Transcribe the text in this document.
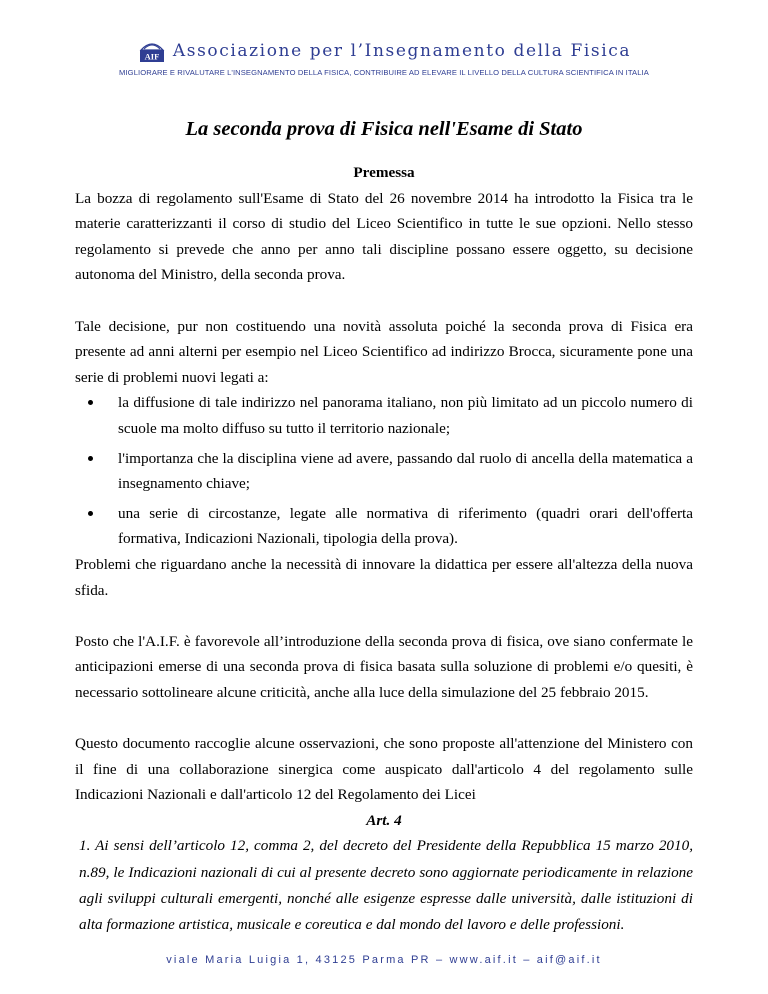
AIF Associazione per l’Insegnamento della Fisica
MIGLIORARE E RIVALUTARE L'INSEGNAMENTO DELLA FISICA, CONTRIBUIRE AD ELEVARE IL LIVELLO DELLA CULTURA SCIENTIFICA IN ITALIA
La seconda prova di Fisica nell'Esame di Stato

Premessa

La bozza di regolamento sull'Esame di Stato del 26 novembre 2014 ha introdotto la Fisica tra le materie caratterizzanti il corso di studio del Liceo Scientifico in tutte le sue opzioni. Nello stesso regolamento si prevede che anno per anno tali discipline possano essere oggetto, su decisione autonoma del Ministro, della seconda prova.

Tale decisione, pur non costituendo una novità assoluta poiché la seconda prova di Fisica era presente ad anni alterni per esempio nel Liceo Scientifico ad indirizzo Brocca, sicuramente pone una serie di problemi nuovi legati a:

la diffusione di tale indirizzo nel panorama italiano, non più limitato ad un piccolo numero di scuole ma molto diffuso su tutto il territorio nazionale;
l'importanza che la disciplina viene ad avere, passando dal ruolo di ancella della matematica a insegnamento chiave;
una serie di circostanze, legate alle normativa di riferimento (quadri orari dell'offerta formativa, Indicazioni Nazionali, tipologia della prova).

Problemi che riguardano anche la necessità di innovare la didattica per essere all'altezza della nuova sfida.

Posto che l'A.I.F. è favorevole all’introduzione della seconda prova di fisica, ove siano confermate le anticipazioni emerse di una seconda prova di fisica basata sulla soluzione di problemi e/o quesiti, è necessario sottolineare alcune criticità, anche alla luce della simulazione del 25 febbraio 2015.

Questo documento raccoglie alcune osservazioni, che sono proposte all'attenzione del Ministero con il fine di una collaborazione sinergica come auspicato dall'articolo 4 del regolamento sulle Indicazioni Nazionali e dall'articolo 12 del Regolamento dei Licei

Art. 4

1. Ai sensi dell’articolo 12, comma 2, del decreto del Presidente della Repubblica 15 marzo 2010, n.89, le Indicazioni nazionali di cui al presente decreto sono aggiornate periodicamente in relazione agli sviluppi culturali emergenti, nonché alle esigenze espresse dalle università, dalle istituzioni di alta formazione artistica, musicale e coreutica e dal mondo del lavoro e delle professioni.

viale Maria Luigia 1, 43125 Parma PR – www.aif.it – aif@aif.it
